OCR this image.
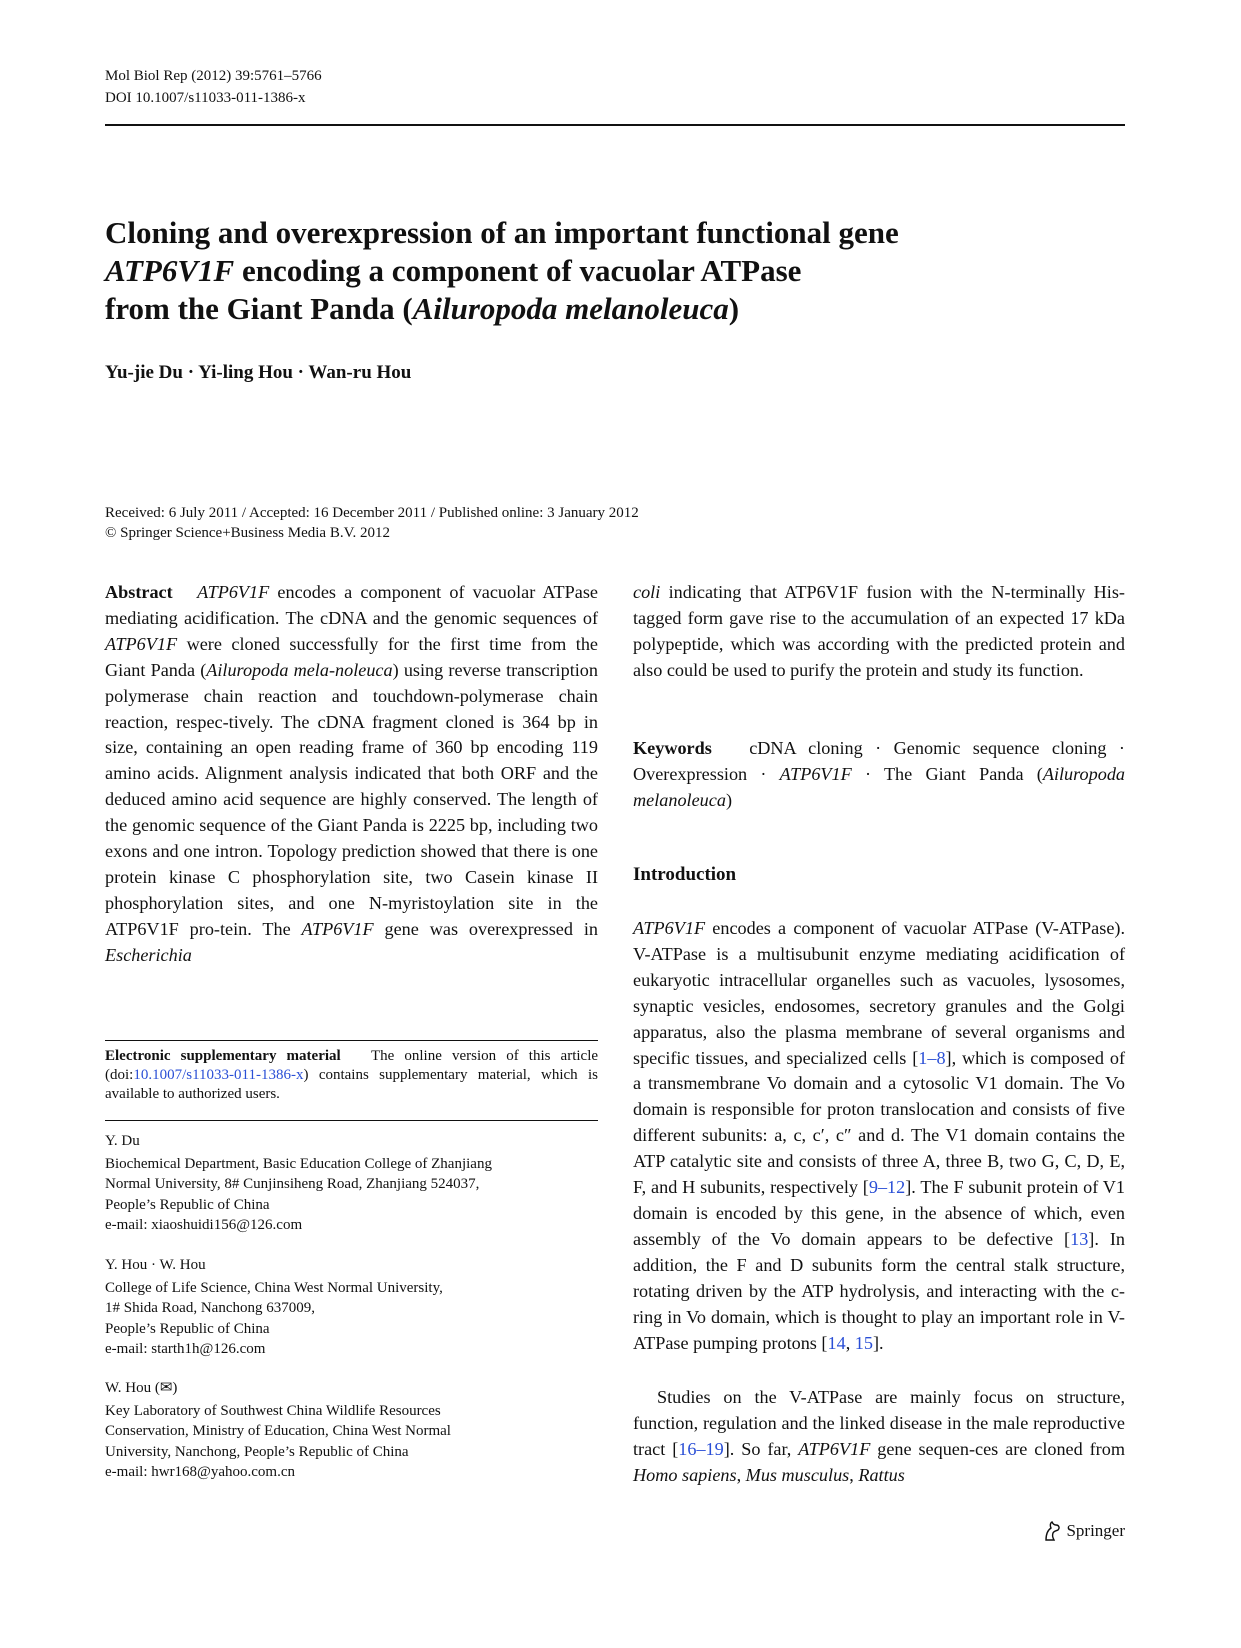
Mol Biol Rep (2012) 39:5761–5766
DOI 10.1007/s11033-011-1386-x
Cloning and overexpression of an important functional gene
ATP6V1F encoding a component of vacuolar ATPase
from the Giant Panda (Ailuropoda melanoleuca)
Yu-jie Du · Yi-ling Hou · Wan-ru Hou
Received: 6 July 2011 / Accepted: 16 December 2011 / Published online: 3 January 2012
© Springer Science+Business Media B.V. 2012
Abstract ATP6V1F encodes a component of vacuolar ATPase mediating acidification. The cDNA and the genomic sequences of ATP6V1F were cloned successfully for the first time from the Giant Panda (Ailuropoda mela-noleuca) using reverse transcription polymerase chain reaction and touchdown-polymerase chain reaction, respec-tively. The cDNA fragment cloned is 364 bp in size, containing an open reading frame of 360 bp encoding 119 amino acids. Alignment analysis indicated that both ORF and the deduced amino acid sequence are highly conserved. The length of the genomic sequence of the Giant Panda is 2225 bp, including two exons and one intron. Topology prediction showed that there is one protein kinase C phosphorylation site, two Casein kinase II phosphorylation sites, and one N-myristoylation site in the ATP6V1F pro-tein. The ATP6V1F gene was overexpressed in Escherichia
coli indicating that ATP6V1F fusion with the N-terminally His-tagged form gave rise to the accumulation of an expected 17 kDa polypeptide, which was according with the predicted protein and also could be used to purify the protein and study its function.
Keywords cDNA cloning · Genomic sequence cloning · Overexpression · ATP6V1F · The Giant Panda (Ailuropoda melanoleuca)
Introduction
ATP6V1F encodes a component of vacuolar ATPase (V-ATPase). V-ATPase is a multisubunit enzyme mediating acidification of eukaryotic intracellular organelles such as vacuoles, lysosomes, synaptic vesicles, endosomes, secretory granules and the Golgi apparatus, also the plasma membrane of several organisms and specific tissues, and specialized cells [1–8], which is composed of a transmembrane Vo domain and a cytosolic V1 domain. The Vo domain is responsible for proton translocation and consists of five different subunits: a, c, c′, c″ and d. The V1 domain contains the ATP catalytic site and consists of three A, three B, two G, C, D, E, F, and H subunits, respectively [9–12]. The F subunit protein of V1 domain is encoded by this gene, in the absence of which, even assembly of the Vo domain appears to be defective [13]. In addition, the F and D subunits form the central stalk structure, rotating driven by the ATP hydrolysis, and interacting with the c-ring in Vo domain, which is thought to play an important role in V-ATPase pumping protons [14, 15].
Studies on the V-ATPase are mainly focus on structure, function, regulation and the linked disease in the male reproductive tract [16–19]. So far, ATP6V1F gene sequen-ces are cloned from Homo sapiens, Mus musculus, Rattus
Electronic supplementary material The online version of this article (doi:10.1007/s11033-011-1386-x) contains supplementary material, which is available to authorized users.
Y. Du
Biochemical Department, Basic Education College of Zhanjiang
Normal University, 8# Cunjinsiheng Road, Zhanjiang 524037,
People’s Republic of China
e-mail: xiaoshuidi156@126.com
Y. Hou · W. Hou
College of Life Science, China West Normal University,
1# Shida Road, Nanchong 637009,
People’s Republic of China
e-mail: starth1h@126.com
W. Hou (✉)
Key Laboratory of Southwest China Wildlife Resources
Conservation, Ministry of Education, China West Normal
University, Nanchong, People’s Republic of China
e-mail: hwr168@yahoo.com.cn
Springer
